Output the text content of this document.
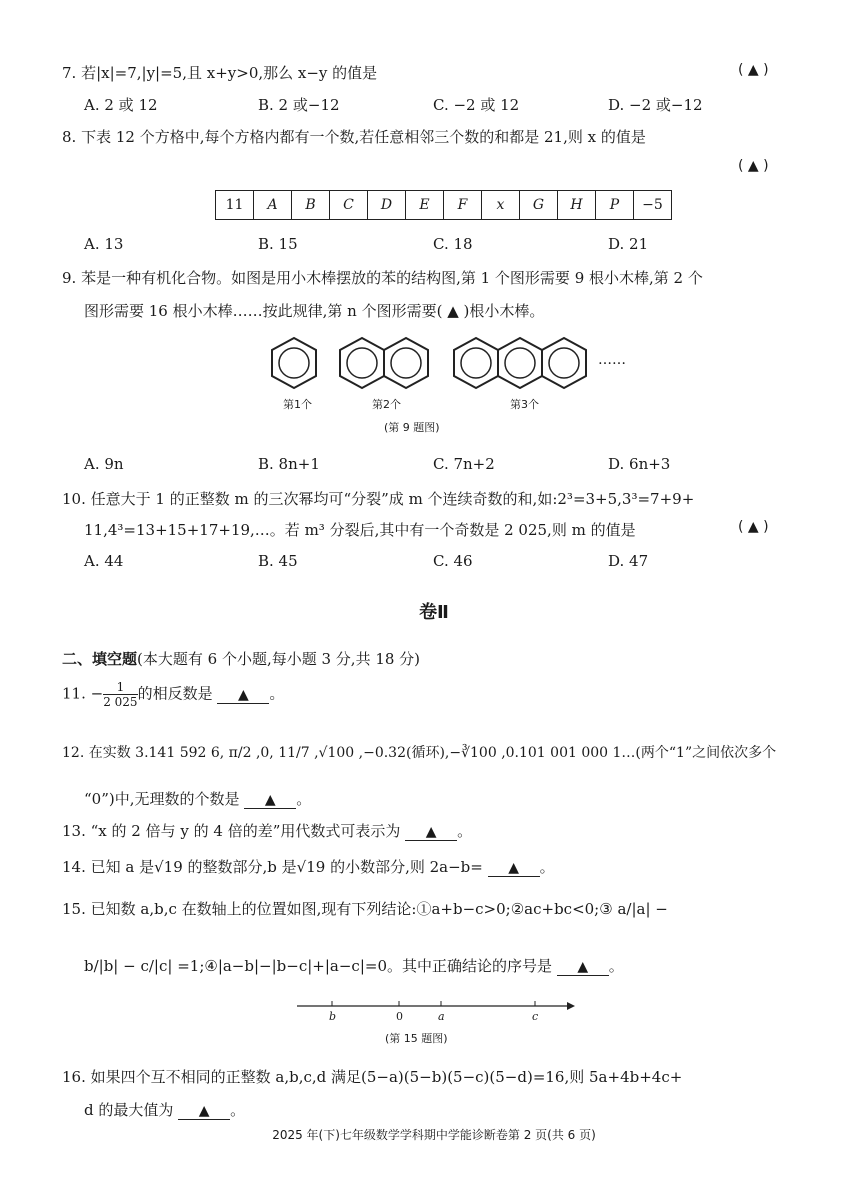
7. 若|x|=7,|y|=5,且 x+y>0,那么 x−y 的值是	( ▲ )
A. 2 或 12	B. 2 或−12	C. −2 或 12	D. −2 或−12
8. 下表 12 个方格中,每个方格内都有一个数,若任意相邻三个数的和都是 21,则 x 的值是
( ▲ )
11	A	B	C	D	E	F	x	G	H	P	−5
A. 13	B. 15	C. 18	D. 21
9. 苯是一种有机化合物。如图是用小木棒摆放的苯的结构图,第 1 个图形需要 9 根小木棒,第 2 个
图形需要 16 根小木棒……按此规律,第 n 个图形需要( ▲ )根小木棒。
……
第1个	第2个	第3个
(第 9 题图)
A. 9n	B. 8n+1	C. 7n+2	D. 6n+3
10. 任意大于 1 的正整数 m 的三次幂均可“分裂”成 m 个连续奇数的和,如:2³=3+5,3³=7+9+
11,4³=13+15+17+19,…。若 m³ 分裂后,其中有一个奇数是 2 025,则 m 的值是	( ▲ )
A. 44	B. 45	C. 46	D. 47
卷Ⅱ
二、填空题(本大题有 6 个小题,每小题 3 分,共 18 分)
11. − $\frac{1}{2 025}$ 的相反数是 ▲ 。
12. 在实数 3.141 592 6, π/2 ,0, 11/7 ,√100 ,−0.32(循环),−∛100 ,0.101 001 000 1…(两个“1”之间依次多个
“0”)中,无理数的个数是 ▲ 。
13. “x 的 2 倍与 y 的 4 倍的差”用代数式可表示为 ▲ 。
14. 已知 a 是√19 的整数部分,b 是√19 的小数部分,则 2a−b= ▲ 。
15. 已知数 a,b,c 在数轴上的位置如图,现有下列结论:①a+b−c>0;②ac+bc<0;③ a/|a| −
b/|b| − c/|c| =1;④|a−b|−|b−c|+|a−c|=0。其中正确结论的序号是 ▲ 。
b	0	a	c
(第 15 题图)
16. 如果四个互不相同的正整数 a,b,c,d 满足(5−a)(5−b)(5−c)(5−d)=16,则 5a+4b+4c+
d 的最大值为 ▲ 。
2025 年(下)七年级数学学科期中学能诊断卷第 2 页(共 6 页)
